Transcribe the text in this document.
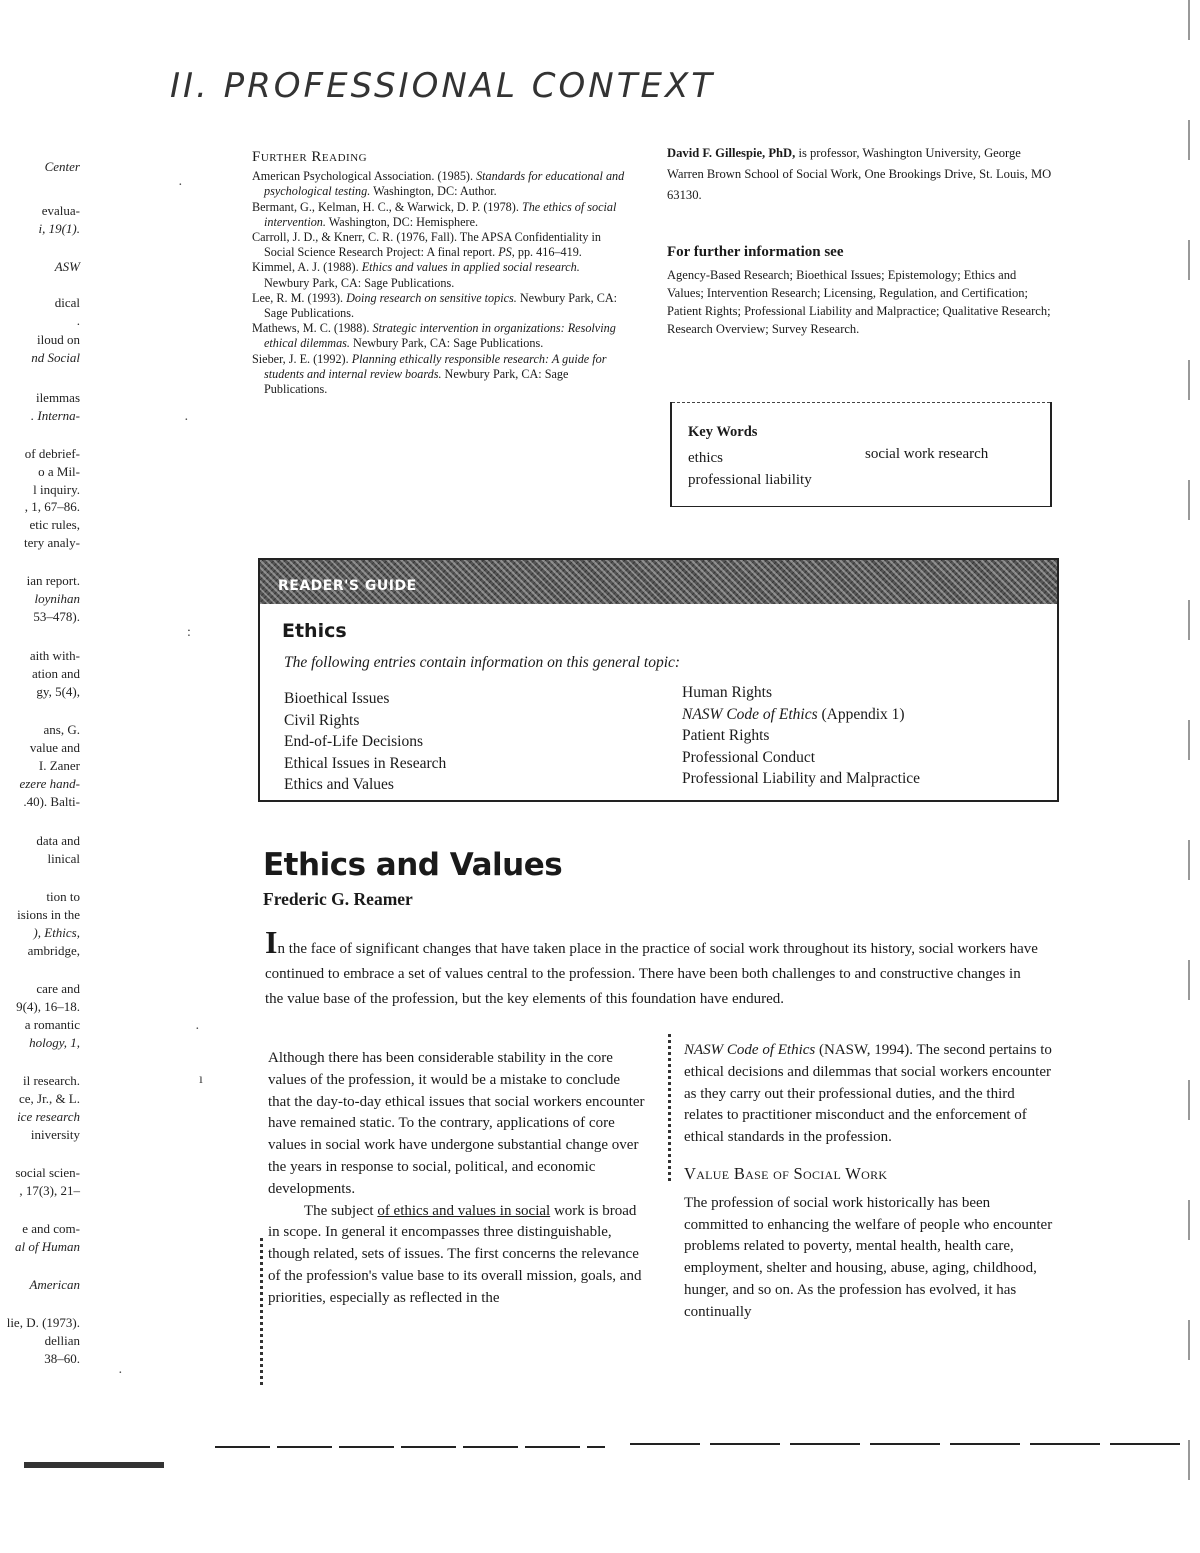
II. PROFESSIONAL CONTEXT
Center
evalua-
i, 19(1).
ASW
dical
.
iloud on
nd Social
ilemmas
. Interna-
of debrief-
o a Mil-
l inquiry.
, 1, 67–86.
etic rules,
tery analy-
ian report.
loynihan
53–478).
aith with-
ation and
gy, 5(4),
ans, G.
value and
I. Zaner
ezere hand-
.40). Balti-
data and
linical
tion to
isions in the
), Ethics,
ambridge,
care and
9(4), 16–18.
a romantic
hology, 1,
il research.
ce, Jr., & L.
ice research
iniversity
social scien-
, 17(3), 21–
e and com-
al of Human
American
lie, D. (1973).
dellian
38–60.
·
·
:
·
ı
·
Further Reading
American Psychological Association. (1985). Standards for educational and psychological testing. Washington, DC: Author.
Bermant, G., Kelman, H. C., & Warwick, D. P. (1978). The ethics of social intervention. Washington, DC: Hemisphere.
Carroll, J. D., & Knerr, C. R. (1976, Fall). The APSA Confidentiality in Social Science Research Project: A final report. PS, pp. 416–419.
Kimmel, A. J. (1988). Ethics and values in applied social research. Newbury Park, CA: Sage Publications.
Lee, R. M. (1993). Doing research on sensitive topics. Newbury Park, CA: Sage Publications.
Mathews, M. C. (1988). Strategic intervention in organizations: Resolving ethical dilemmas. Newbury Park, CA: Sage Publications.
Sieber, J. E. (1992). Planning ethically responsible research: A guide for students and internal review boards. Newbury Park, CA: Sage Publications.
David F. Gillespie, PhD, is professor, Washington University, George Warren Brown School of Social Work, One Brookings Drive, St. Louis, MO 63130.
For further information see

Agency-Based Research; Bioethical Issues; Epistemology; Ethics and Values; Intervention Research; Licensing, Regulation, and Certification; Patient Rights; Professional Liability and Malpractice; Qualitative Research; Research Overview; Survey Research.

Key Words
ethics
professional liability
social work research
READER'S GUIDE
Ethics
The following entries contain information on this general topic:
Bioethical Issues
Civil Rights
End-of-Life Decisions
Ethical Issues in Research
Ethics and Values
Human Rights
NASW Code of Ethics (Appendix 1)
Patient Rights
Professional Conduct
Professional Liability and Malpractice
Ethics and Values
Frederic G. Reamer
In the face of significant changes that have taken place in the practice of social work throughout its history, social workers have continued to embrace a set of values central to the profession. There have been both challenges to and constructive changes in the value base of the profession, but the key elements of this foundation have endured.

Although there has been considerable stability in the core values of the profession, it would be a mistake to conclude that the day-to-day ethical issues that social workers encounter have remained static. To the contrary, applications of core values in social work have undergone substantial change over the years in response to social, political, and economic developments.

The subject of ethics and values in social work is broad in scope. In general it encompasses three distinguishable, though related, sets of issues. The first concerns the relevance of the profession's value base to its overall mission, goals, and priorities, especially as reflected in the

NASW Code of Ethics (NASW, 1994). The second pertains to ethical decisions and dilemmas that social workers encounter as they carry out their professional duties, and the third relates to practitioner misconduct and the enforcement of ethical standards in the profession.

Value Base of Social Work

The profession of social work historically has been committed to enhancing the welfare of people who encounter problems related to poverty, mental health, health care, employment, shelter and housing, abuse, aging, childhood, hunger, and so on. As the profession has evolved, it has continually
